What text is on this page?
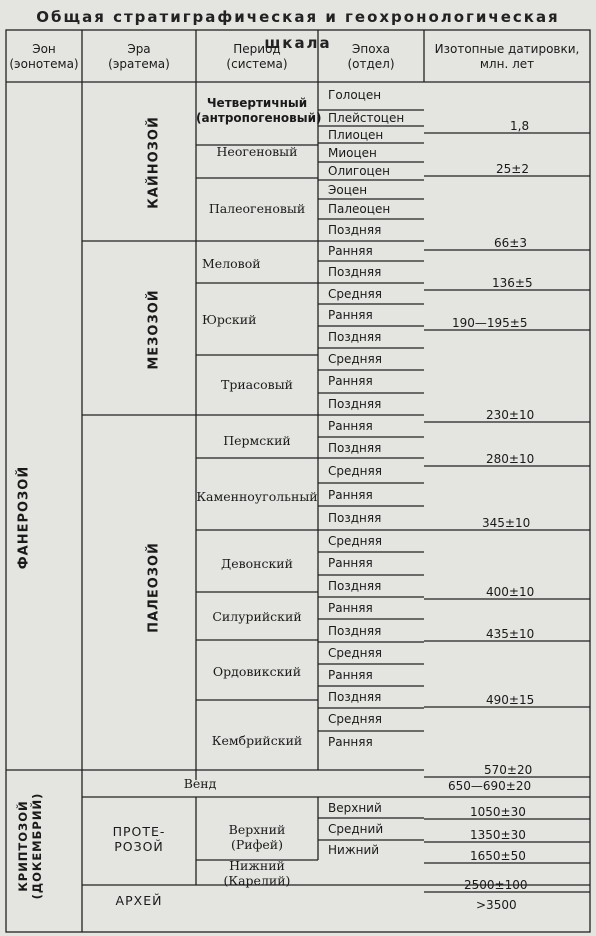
Общая стратиграфическая и геохронологическая шкала
Эон
(эонотема)
Эра
(эратема)
Период
(система)
Эпоха
(отдел)
Изотопные датировки,
млн. лет
ФАНЕРОЗОЙ
КРИПТОЗОЙ (ДОКЕМБРИЙ)
КАЙНОЗОЙ
МЕЗОЗОЙ
ПАЛЕОЗОЙ
ПРОТЕ-
РОЗОЙ
АРХЕЙ
Четвертичный
(антропогеновый)
Неогеновый
Палеогеновый
Меловой
Юрский
Триасовый
Пермский
Каменноугольный
Девонский
Силурийский
Ордовикский
Кембрийский
Венд
Верхний
(Рифей)
Нижний
(Карелий)
Голоцен
Плейстоцен
Плиоцен
Миоцен
Олигоцен
Эоцен
Палеоцен
Поздняя
Ранняя
Поздняя
Средняя
Ранняя
Поздняя
Средняя
Ранняя
Поздняя
Ранняя
Поздняя
Средняя
Ранняя
Поздняя
Средняя
Ранняя
Поздняя
Ранняя
Поздняя
Средняя
Ранняя
Поздняя
Средняя
Ранняя
Верхний
Средний
Нижний
1,8
25±2
66±3
136±5
190—195±5
230±10
280±10
345±10
400±10
435±10
490±15
570±20
650—690±20
1050±30
1350±30
1650±50
2500±100
>3500
